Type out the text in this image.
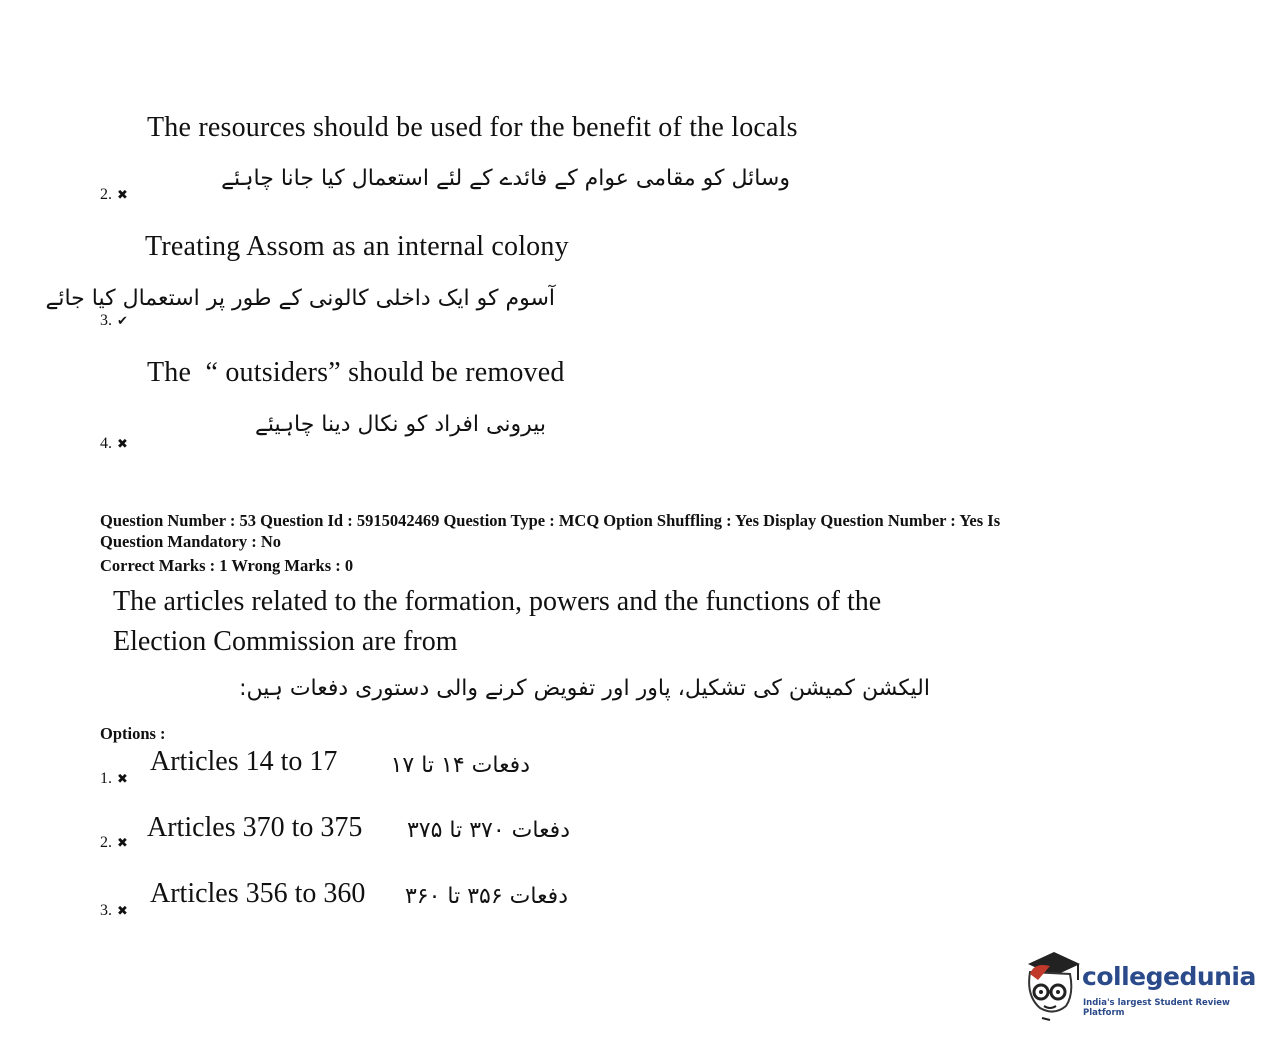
The resources should be used for the benefit of the locals
وسائل کو مقامی عوام کے فائدے کے لئے استعمال کیا جانا چاہئے
2. ✖
Treating Assom as an internal colony
آسوم کو ایک داخلی کالونی کے طور پر استعمال کیا جائے
3. ✔
The  “ outsiders” should be removed
بیرونی افراد کو نکال دینا چاہیئے
4. ✖
Question Number : 53 Question Id : 5915042469 Question Type : MCQ Option Shuffling : Yes Display Question Number : Yes Is
Question Mandatory : No
Correct Marks : 1 Wrong Marks : 0
The articles related to the formation, powers and the functions of the
Election Commission are from
الیکشن کمیشن کی تشکیل، پاور اور تفویض کرنے والی دستوری دفعات ہیں:
Options :
1. ✖
Articles 14 to 17 دفعات ۱۴ تا ۱۷
2. ✖
Articles 370 to 375 دفعات ۳۷۰ تا ۳۷۵
3. ✖
Articles 356 to 360 دفعات ۳۵۶ تا ۳۶۰
collegedunia
India's largest Student Review Platform
